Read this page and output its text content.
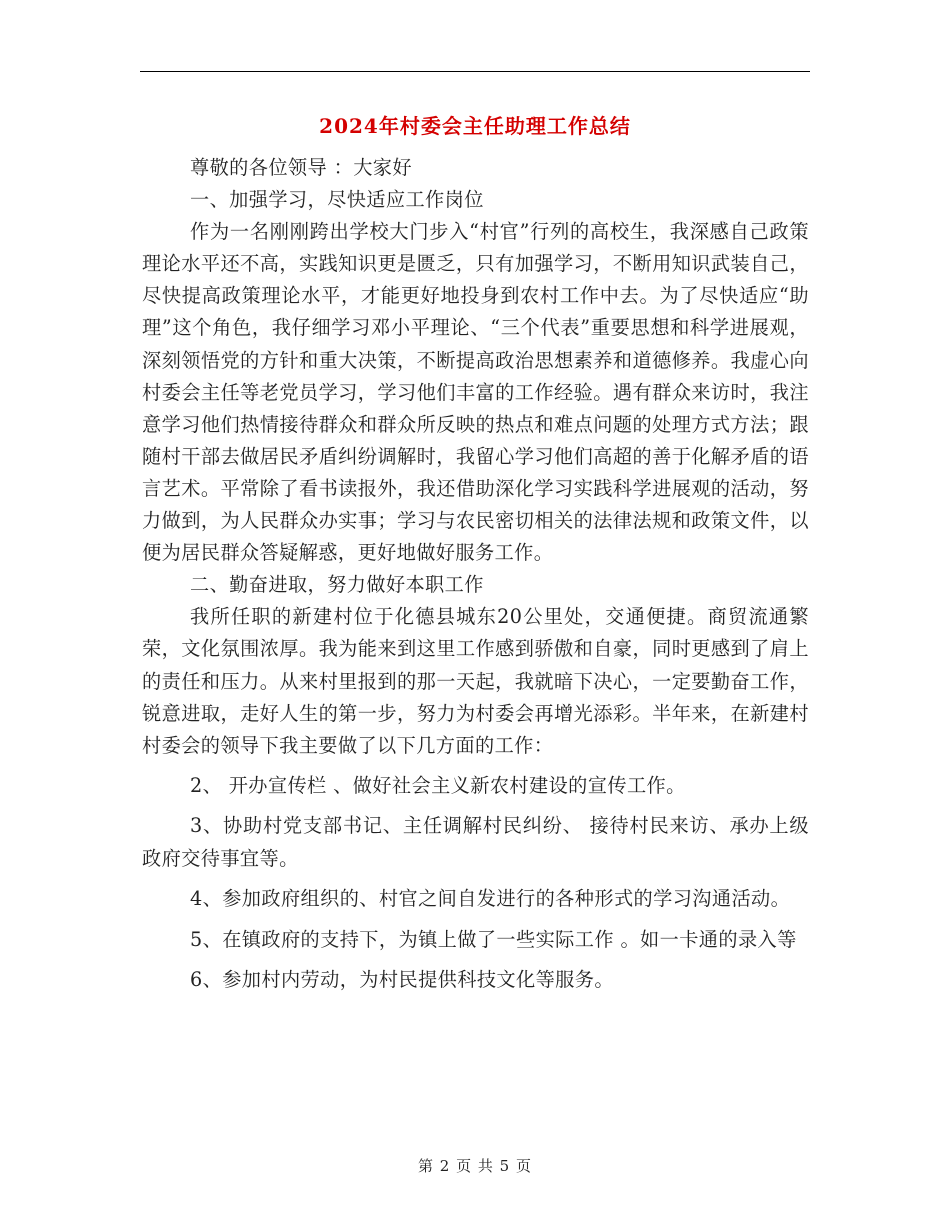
2024年村委会主任助理工作总结

尊敬的各位领导 ：大家好

一、加强学习，尽快适应工作岗位

作为一名刚刚跨出学校大门步入“村官”行列的高校生，我深感自己政策理论水平还不高，实践知识更是匮乏，只有加强学习，不断用知识武装自己，尽快提高政策理论水平，才能更好地投身到农村工作中去。为了尽快适应“助理”这个角色，我仔细学习邓小平理论、“三个代表”重要思想和科学进展观，深刻领悟党的方针和重大决策，不断提高政治思想素养和道德修养。我虚心向村委会主任等老党员学习，学习他们丰富的工作经验。遇有群众来访时，我注意学习他们热情接待群众和群众所反映的热点和难点问题的处理方式方法；跟随村干部去做居民矛盾纠纷调解时，我留心学习他们高超的善于化解矛盾的语言艺术。平常除了看书读报外，我还借助深化学习实践科学进展观的活动，努力做到，为人民群众办实事；学习与农民密切相关的法律法规和政策文件，以便为居民群众答疑解惑，更好地做好服务工作。

二、勤奋进取，努力做好本职工作

我所任职的新建村位于化德县城东20公里处，交通便捷。商贸流通繁荣，文化氛围浓厚。我为能来到这里工作感到骄傲和自豪，同时更感到了肩上的责任和压力。从来村里报到的那一天起，我就暗下决心，一定要勤奋工作，锐意进取，走好人生的第一步，努力为村委会再增光添彩。半年来，在新建村村委会的领导下我主要做了以下几方面的工作：

2、 开办宣传栏 、做好社会主义新农村建设的宣传工作。

3、协助村党支部书记、主任调解村民纠纷、 接待村民来访、承办上级政府交待事宜等。

4、参加政府组织的、村官之间自发进行的各种形式的学习沟通活动。

5、在镇政府的支持下，为镇上做了一些实际工作 。如一卡通的录入等

6、参加村内劳动，为村民提供科技文化等服务。

第 2 页 共 5 页
